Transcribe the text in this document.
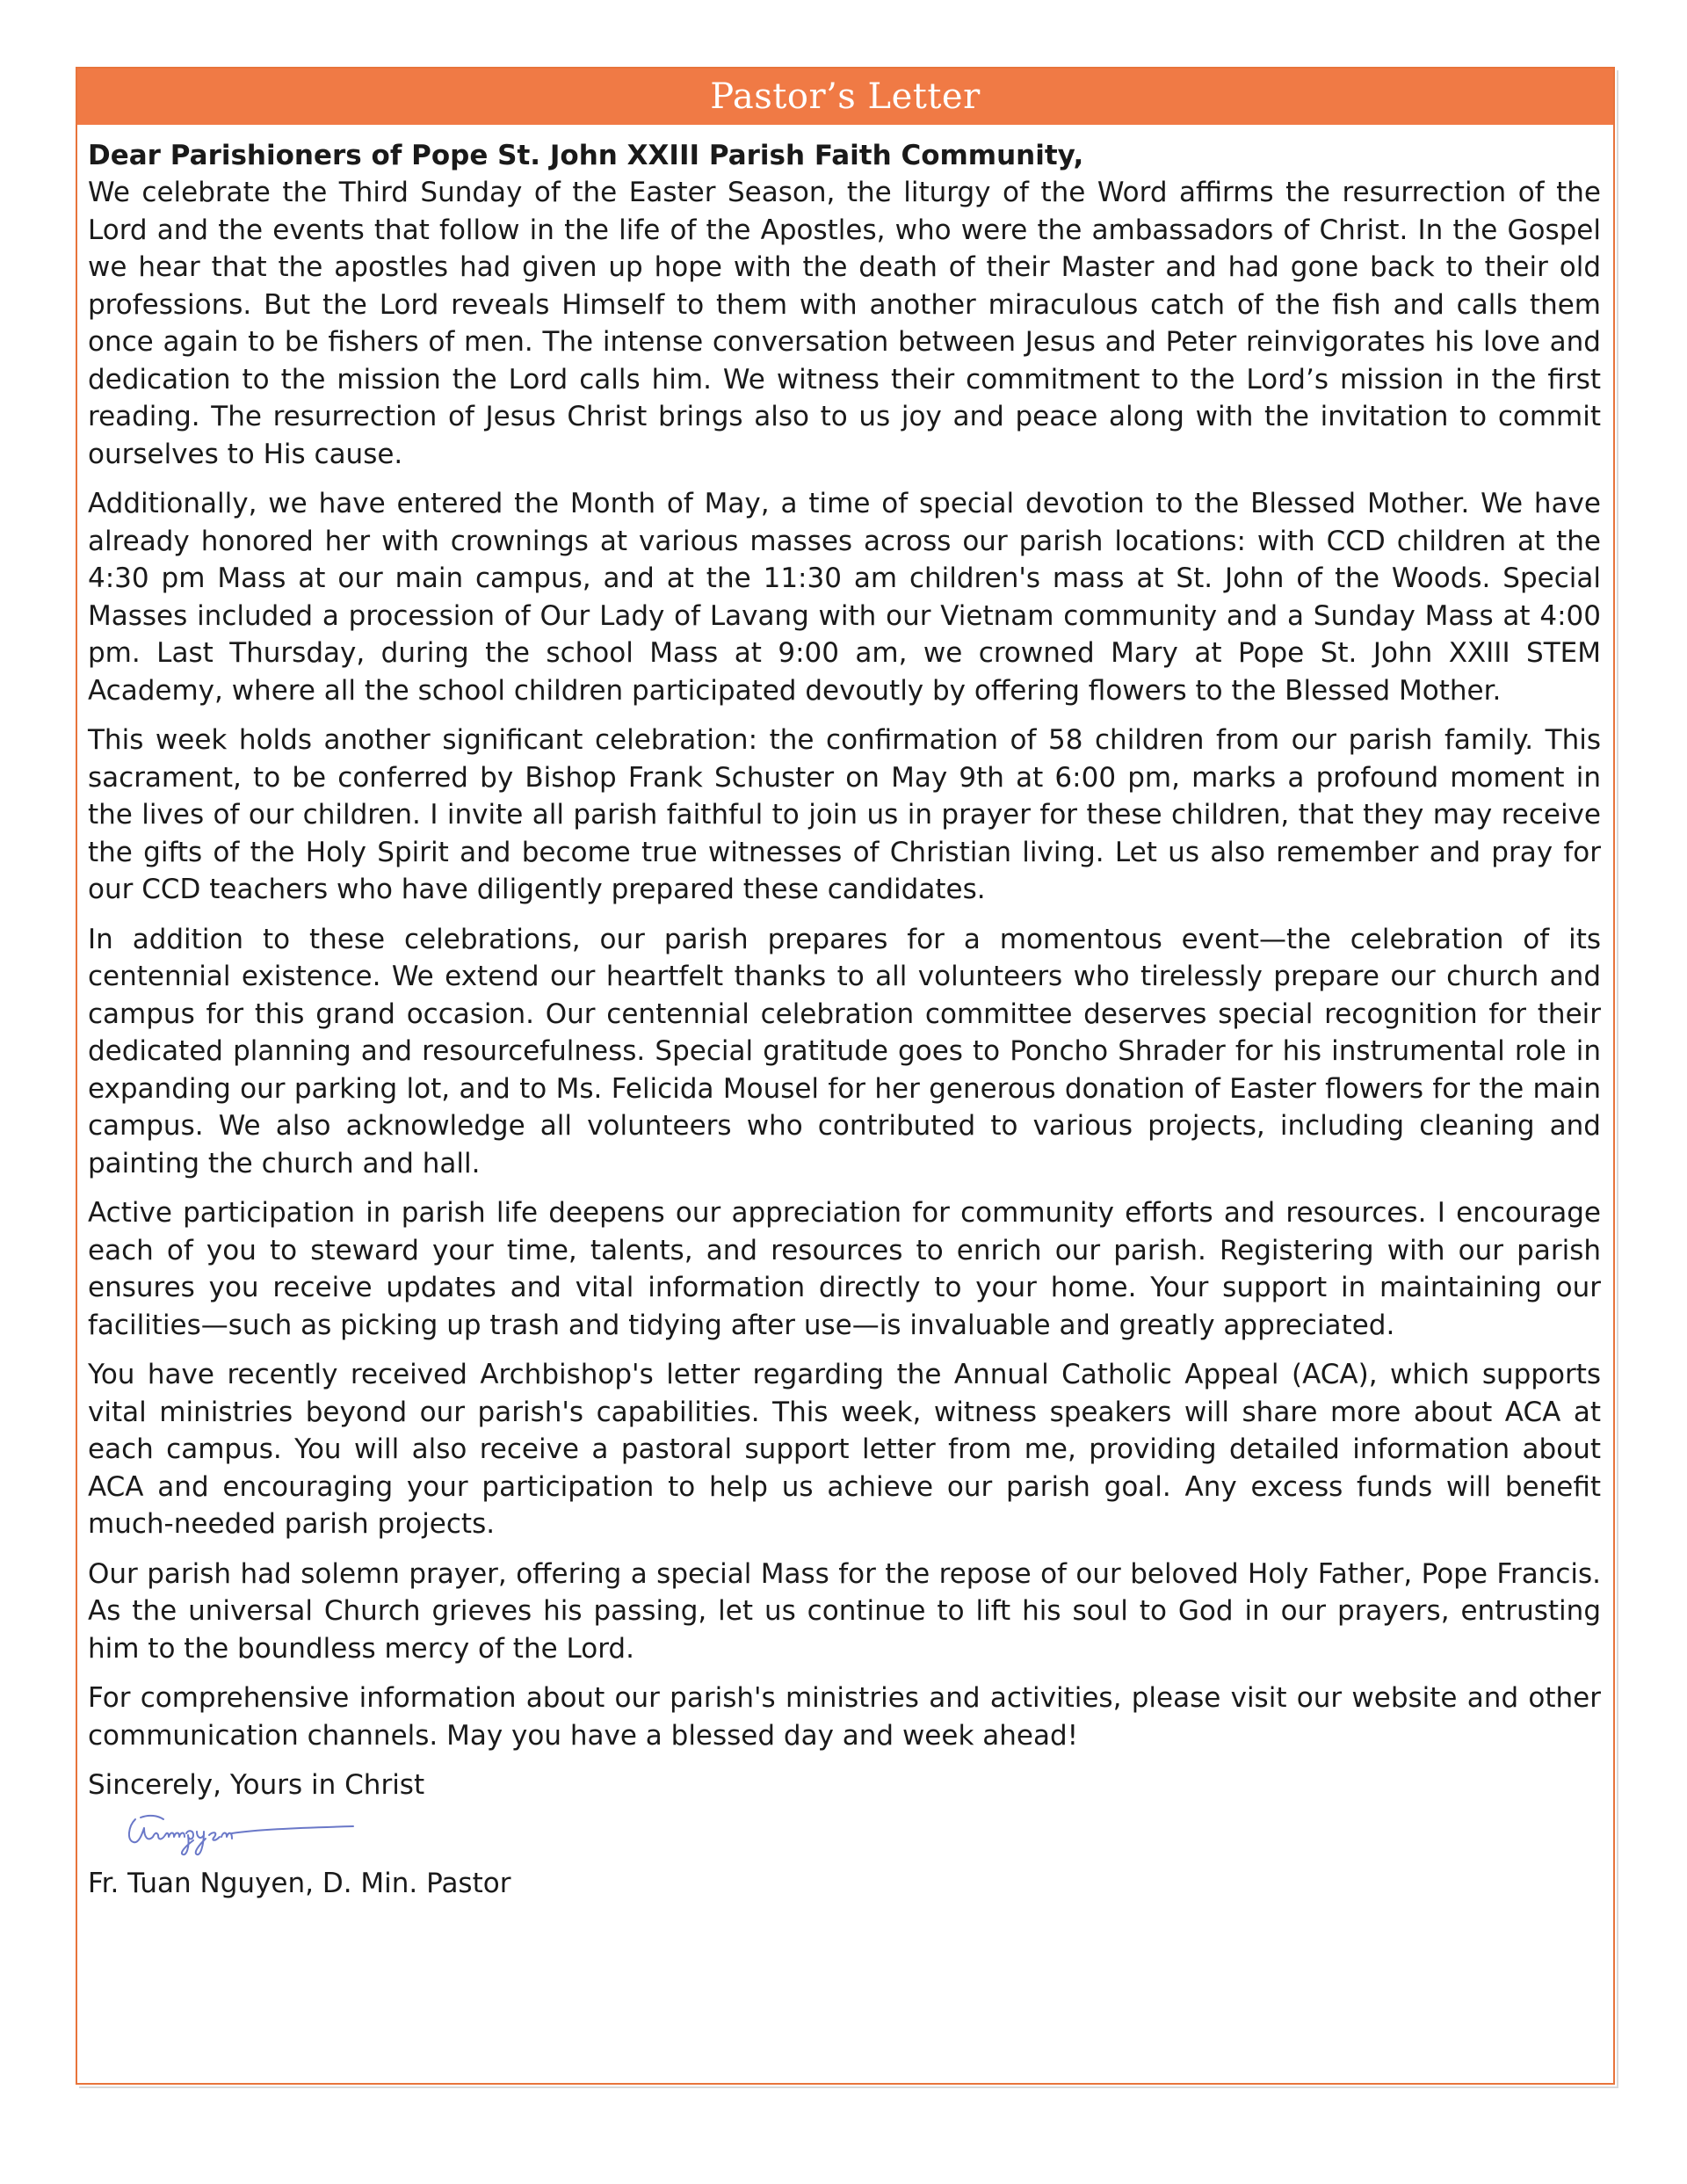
Pastor’s Letter

Dear Parishioners of Pope St. John XXIII Parish Faith Community,

We celebrate the Third Sunday of the Easter Season, the liturgy of the Word affirms the resurrection of the Lord and the events that follow in the life of the Apostles, who were the ambassadors of Christ. In the Gospel we hear that the apostles had given up hope with the death of their Master and had gone back to their old professions. But the Lord reveals Himself to them with another miraculous catch of the fish and calls them once again to be fishers of men. The intense conversation between Jesus and Peter reinvigorates his love and dedication to the mission the Lord calls him. We witness their commitment to the Lord’s mission in the first reading. The resurrection of Jesus Christ brings also to us joy and peace along with the invitation to commit ourselves to His cause.

Additionally, we have entered the Month of May, a time of special devotion to the Blessed Mother. We have already honored her with crownings at various masses across our parish locations: with CCD children at the 4:30 pm Mass at our main campus, and at the 11:30 am children's mass at St. John of the Woods. Special Masses included a procession of Our Lady of Lavang with our Vietnam community and a Sunday Mass at 4:00 pm. Last Thursday, during the school Mass at 9:00 am, we crowned Mary at Pope St. John XXIII STEM Academy, where all the school children participated devoutly by offering flowers to the Blessed Mother.

This week holds another significant celebration: the confirmation of 58 children from our parish family. This sacrament, to be conferred by Bishop Frank Schuster on May 9th at 6:00 pm, marks a profound moment in the lives of our children. I invite all parish faithful to join us in prayer for these children, that they may receive the gifts of the Holy Spirit and become true witnesses of Christian living. Let us also remember and pray for our CCD teachers who have diligently prepared these candidates.

In addition to these celebrations, our parish prepares for a momentous event—the celebration of its centennial existence. We extend our heartfelt thanks to all volunteers who tirelessly prepare our church and campus for this grand occasion. Our centennial celebration committee deserves special recognition for their dedicated planning and resourcefulness. Special gratitude goes to Poncho Shrader for his instrumental role in expanding our parking lot, and to Ms. Felicida Mousel for her generous donation of Easter flowers for the main campus. We also acknowledge all volunteers who contributed to various projects, including cleaning and painting the church and hall.

Active participation in parish life deepens our appreciation for community efforts and resources. I encourage each of you to steward your time, talents, and resources to enrich our parish. Registering with our parish ensures you receive updates and vital information directly to your home. Your support in maintaining our facilities—such as picking up trash and tidying after use—is invaluable and greatly appreciated.

You have recently received Archbishop's letter regarding the Annual Catholic Appeal (ACA), which supports vital ministries beyond our parish's capabilities. This week, witness speakers will share more about ACA at each campus. You will also receive a pastoral support letter from me, providing detailed information about ACA and encouraging your participation to help us achieve our parish goal. Any excess funds will benefit much-needed parish projects.

Our parish had solemn prayer, offering a special Mass for the repose of our beloved Holy Father, Pope Francis. As the universal Church grieves his passing, let us continue to lift his soul to God in our prayers, entrusting him to the boundless mercy of the Lord.

For comprehensive information about our parish's ministries and activities, please visit our website and other communication channels. May you have a blessed day and week ahead!

Sincerely, Yours in Christ

Fr. Tuan Nguyen, D. Min. Pastor
